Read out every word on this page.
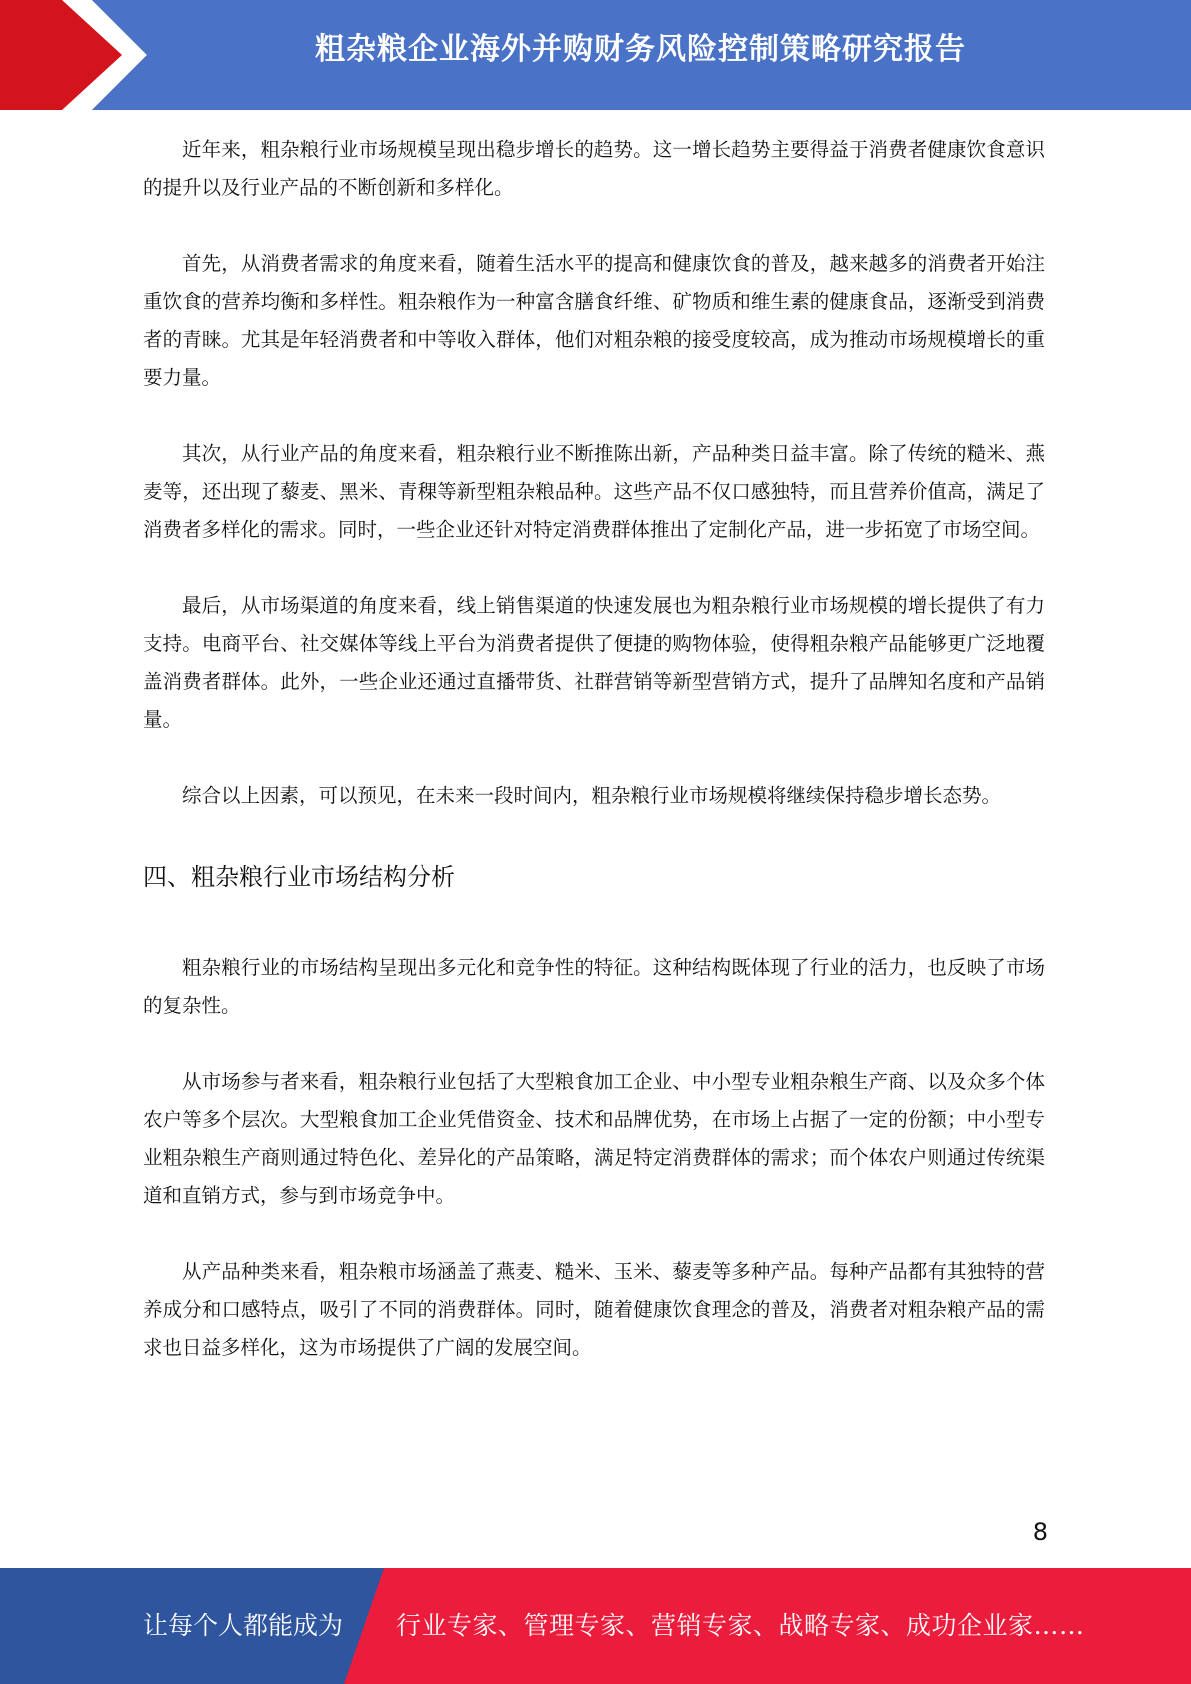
粗杂粮企业海外并购财务风险控制策略研究报告

近年来，粗杂粮行业市场规模呈现出稳步增长的趋势。这一增长趋势主要得益于消费者健康饮食意识的提升以及行业产品的不断创新和多样化。

首先，从消费者需求的角度来看，随着生活水平的提高和健康饮食的普及，越来越多的消费者开始注重饮食的营养均衡和多样性。粗杂粮作为一种富含膳食纤维、矿物质和维生素的健康食品，逐渐受到消费者的青睐。尤其是年轻消费者和中等收入群体，他们对粗杂粮的接受度较高，成为推动市场规模增长的重要力量。

其次，从行业产品的角度来看，粗杂粮行业不断推陈出新，产品种类日益丰富。除了传统的糙米、燕麦等，还出现了藜麦、黑米、青稞等新型粗杂粮品种。这些产品不仅口感独特，而且营养价值高，满足了消费者多样化的需求。同时，一些企业还针对特定消费群体推出了定制化产品，进一步拓宽了市场空间。

最后，从市场渠道的角度来看，线上销售渠道的快速发展也为粗杂粮行业市场规模的增长提供了有力支持。电商平台、社交媒体等线上平台为消费者提供了便捷的购物体验，使得粗杂粮产品能够更广泛地覆盖消费者群体。此外，一些企业还通过直播带货、社群营销等新型营销方式，提升了品牌知名度和产品销量。

综合以上因素，可以预见，在未来一段时间内，粗杂粮行业市场规模将继续保持稳步增长态势。

四、粗杂粮行业市场结构分析

粗杂粮行业的市场结构呈现出多元化和竞争性的特征。这种结构既体现了行业的活力，也反映了市场的复杂性。

从市场参与者来看，粗杂粮行业包括了大型粮食加工企业、中小型专业粗杂粮生产商、以及众多个体农户等多个层次。大型粮食加工企业凭借资金、技术和品牌优势，在市场上占据了一定的份额；中小型专业粗杂粮生产商则通过特色化、差异化的产品策略，满足特定消费群体的需求；而个体农户则通过传统渠道和直销方式，参与到市场竞争中。

从产品种类来看，粗杂粮市场涵盖了燕麦、糙米、玉米、藜麦等多种产品。每种产品都有其独特的营养成分和口感特点，吸引了不同的消费群体。同时，随着健康饮食理念的普及，消费者对粗杂粮产品的需求也日益多样化，这为市场提供了广阔的发展空间。

8
让每个人都能成为 行业专家、管理专家、营销专家、战略专家、成功企业家……
